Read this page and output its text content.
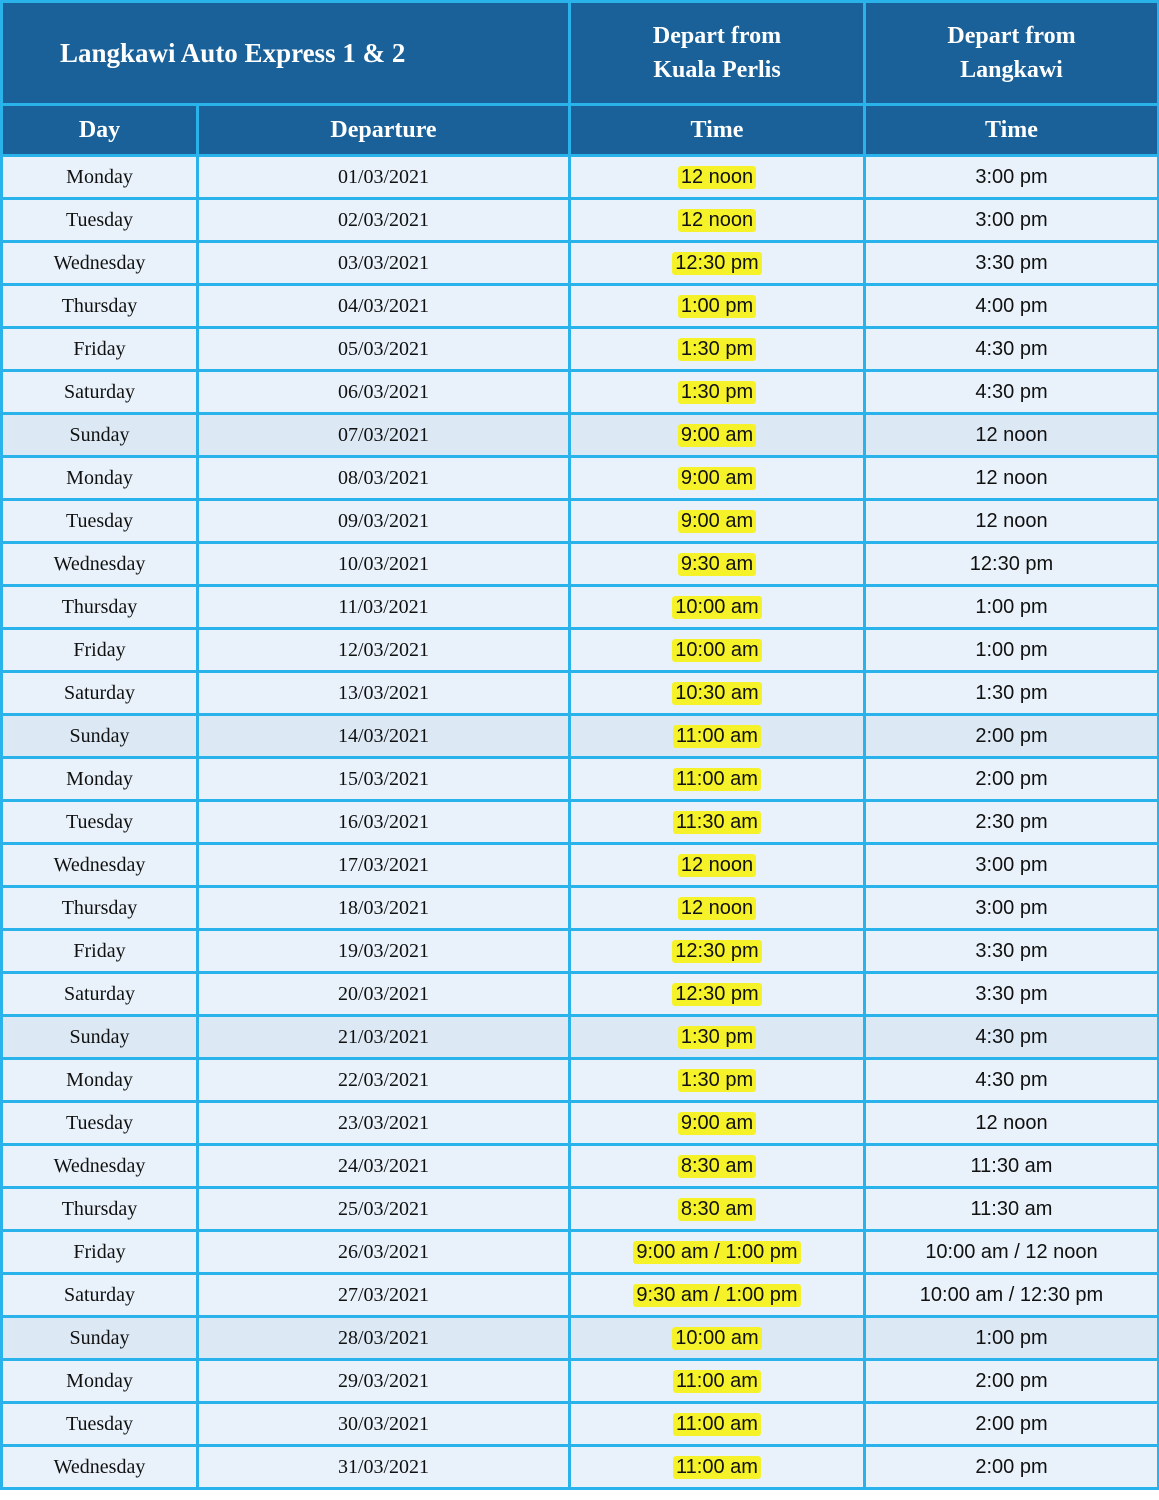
Langkawi Auto Express 1 & 2
Depart from
Kuala Perlis
Depart from
Langkawi
Day	Departure	Time	Time
Monday	01/03/2021	12 noon	3:00 pm
Tuesday	02/03/2021	12 noon	3:00 pm
Wednesday	03/03/2021	12:30 pm	3:30 pm
Thursday	04/03/2021	1:00 pm	4:00 pm
Friday	05/03/2021	1:30 pm	4:30 pm
Saturday	06/03/2021	1:30 pm	4:30 pm
Sunday	07/03/2021	9:00 am	12 noon
Monday	08/03/2021	9:00 am	12 noon
Tuesday	09/03/2021	9:00 am	12 noon
Wednesday	10/03/2021	9:30 am	12:30 pm
Thursday	11/03/2021	10:00 am	1:00 pm
Friday	12/03/2021	10:00 am	1:00 pm
Saturday	13/03/2021	10:30 am	1:30 pm
Sunday	14/03/2021	11:00 am	2:00 pm
Monday	15/03/2021	11:00 am	2:00 pm
Tuesday	16/03/2021	11:30 am	2:30 pm
Wednesday	17/03/2021	12 noon	3:00 pm
Thursday	18/03/2021	12 noon	3:00 pm
Friday	19/03/2021	12:30 pm	3:30 pm
Saturday	20/03/2021	12:30 pm	3:30 pm
Sunday	21/03/2021	1:30 pm	4:30 pm
Monday	22/03/2021	1:30 pm	4:30 pm
Tuesday	23/03/2021	9:00 am	12 noon
Wednesday	24/03/2021	8:30 am	11:30 am
Thursday	25/03/2021	8:30 am	11:30 am
Friday	26/03/2021	9:00 am / 1:00 pm	10:00 am / 12 noon
Saturday	27/03/2021	9:30 am / 1:00 pm	10:00 am / 12:30 pm
Sunday	28/03/2021	10:00 am	1:00 pm
Monday	29/03/2021	11:00 am	2:00 pm
Tuesday	30/03/2021	11:00 am	2:00 pm
Wednesday	31/03/2021	11:00 am	2:00 pm
